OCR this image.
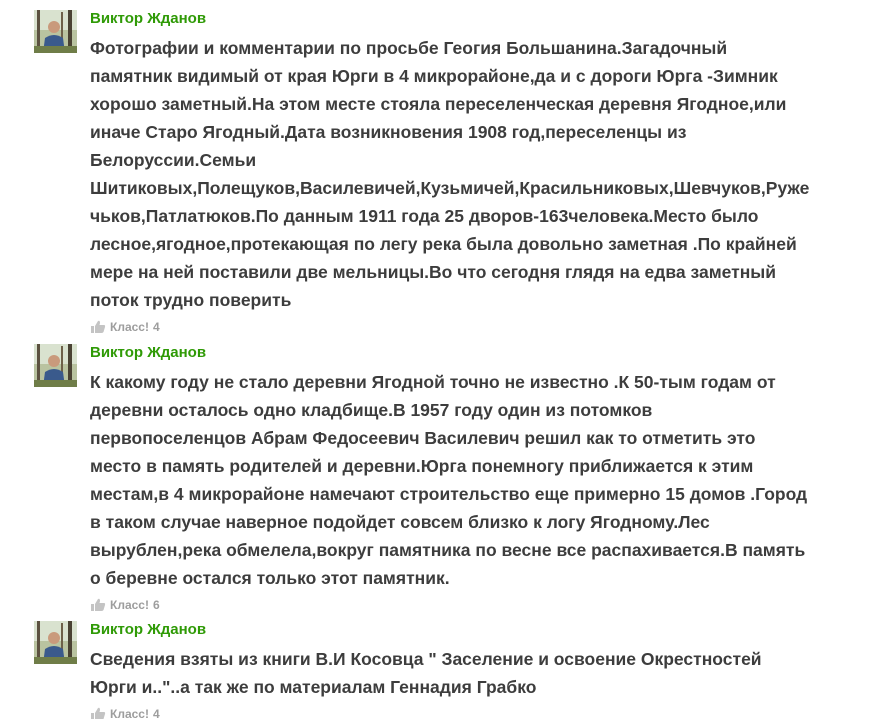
Виктор Жданов
Фотографии и комментарии по просьбе Геогия Большанина.Загадочный
памятник видимый от края Юрги в 4 микрорайоне,да и с дороги Юрга -Зимник
хорошо заметный.На этом месте стояла переселенческая деревня Ягодное,или
иначе Старо Ягодный.Дата возникновения 1908 год,переселенцы из
Белоруссии.Семьи
Шитиковых,Полещуков,Василевичей,Кузьмичей,Красильниковых,Шевчуков,Руже
чьков,Патлатюков.По данным 1911 года 25 дворов-163человека.Место было
лесное,ягодное,протекающая по легу река была довольно заметная .По крайней
мере на ней поставили две мельницы.Во что сегодня глядя на едва заметный
поток трудно поверить
Класс! 4
Виктор Жданов
К какому году не стало деревни Ягодной точно не известно .К 50-тым годам от
деревни осталось одно кладбище.В 1957 году один из потомков
первопоселенцов Абрам Федосеевич Василевич решил как то отметить это
место в память родителей и деревни.Юрга понемногу приближается к этим
местам,в 4 микрорайоне намечают строительство еще примерно 15 домов .Город
в таком случае наверное подойдет совсем близко к логу Ягодному.Лес
вырублен,река обмелела,вокруг памятника по весне все распахивается.В память
о беревне остался только этот памятник.
Класс! 6
Виктор Жданов
Сведения взяты из книги В.И Косовца " Заселение и освоение Окрестностей
Юрги и.."..а так же по материалам Геннадия Грабко
Класс! 4
